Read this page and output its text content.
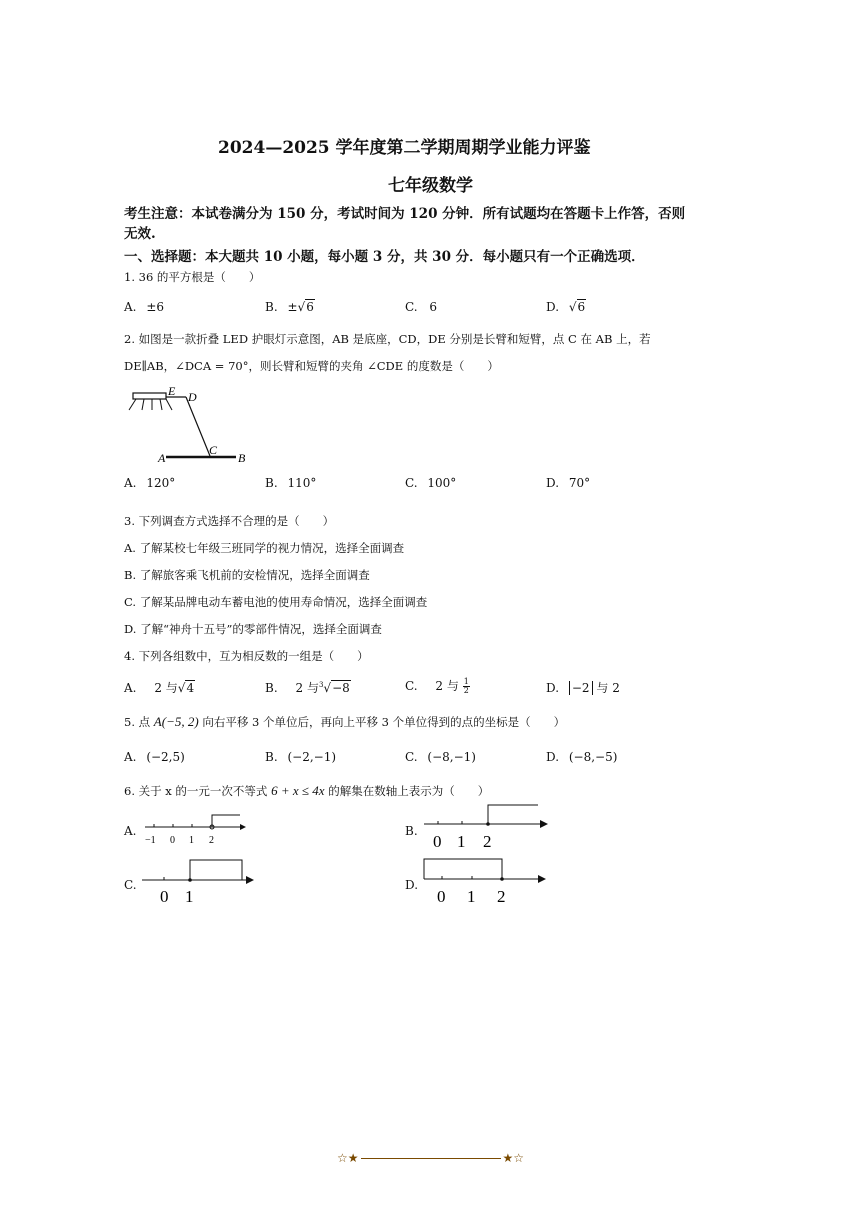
2024—2025 学年度第二学期周期学业能力评鉴
七年级数学
考生注意：本试卷满分为 150 分，考试时间为 120 分钟．所有试题均在答题卡上作答，否则
无效.
一、选择题：本大题共 10 小题，每小题 3 分，共 30 分．每小题只有一个正确选项．
1. 36 的平方根是（　　）
A. ±6	B. ±√6	C. 6	D. √6
2. 如图是一款折叠 LED 护眼灯示意图，AB 是底座，CD，DE 分别是长臂和短臂，点 C 在 AB 上，若
DE∥AB，∠DCA = 70°，则长臂和短臂的夹角 ∠CDE 的度数是（　　）
E D
C
A	B
A. 120°	B. 110°	C. 100°	D. 70°
3. 下列调查方式选择不合理的是（　　）
A. 了解某校七年级三班同学的视力情况，选择全面调查
B. 了解旅客乘飞机前的安检情况，选择全面调查
C. 了解某品牌电动车蓄电池的使用寿命情况，选择全面调查
D. 了解“神舟十五号”的零部件情况，选择全面调查
4. 下列各组数中，互为相反数的一组是（　　）
A. 2 与√4	B. 2 与$^3$√−8	C. 2 与 $\frac{1}{2}$	D. −2 与 2
5. 点 A(−5, 2) 向右平移 3 个单位后，再向上平移 3 个单位得到的点的坐标是（　　）
A. (−2,5)	B. (−2,−1)	C. (−8,−1)	D. (−8,−5)
6. 关于 x 的一元一次不等式 6 + x ≤ 4x 的解集在数轴上表示为（　　）
A.
−1 0 1 2
B.
0 1 2
C.
0 1
D.
0 1 2
☆★	★☆
